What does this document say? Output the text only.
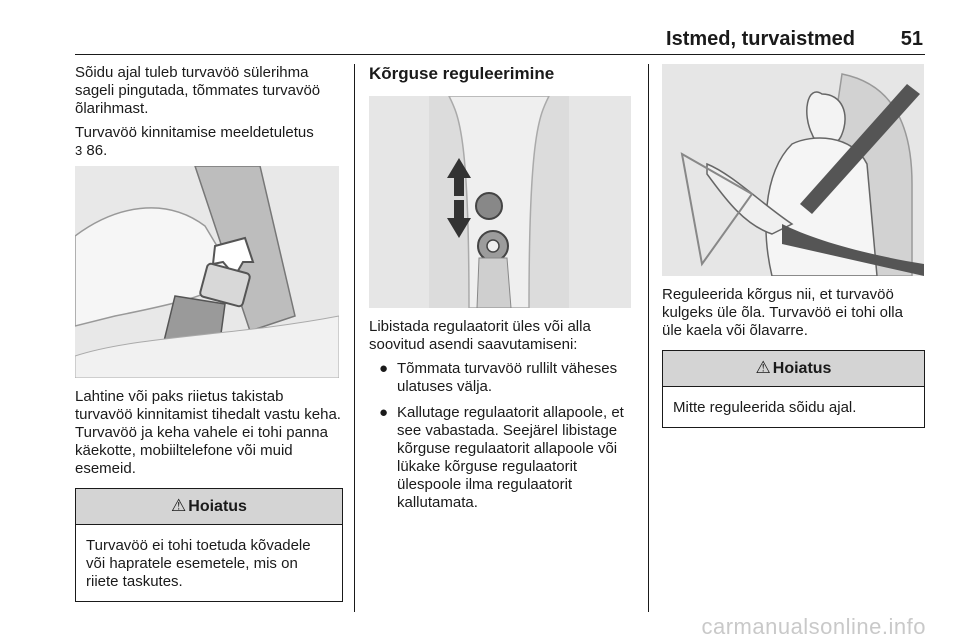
Istmed, turvaistmed 51

Sõidu ajal tuleb turvavöö sülerihma sageli pingutada, tõmmates turvavöö õlarihmast.

Turvavöö kinnitamise meeldetuletus
3 86.

Lahtine või paks riietus takistab turvavöö kinnitamist tihedalt vastu keha. Turvavöö ja keha vahele ei tohi panna käekotte, mobiiltelefone või muid esemeid.

⚠ Hoiatus
Turvavöö ei tohi toetuda kõvadele või hapratele esemetele, mis on riiete taskutes.
Kõrguse reguleerimine

Libistada regulaatorit üles või alla soovitud asendi saavutamiseni:

● Tõmmata turvavöö rullilt väheses ulatuses välja.
● Kallutage regulaatorit allapoole, et see vabastada. Seejärel libistage kõrguse regulaatorit allapoole või lükake kõrguse regulaatorit ülespoole ilma regulaatorit kallutamata.

Reguleerida kõrgus nii, et turvavöö kulgeks üle õla. Turvavöö ei tohi olla üle kaela või õlavarre.

⚠ Hoiatus
Mitte reguleerida sõidu ajal.
carmanualsonline.info
